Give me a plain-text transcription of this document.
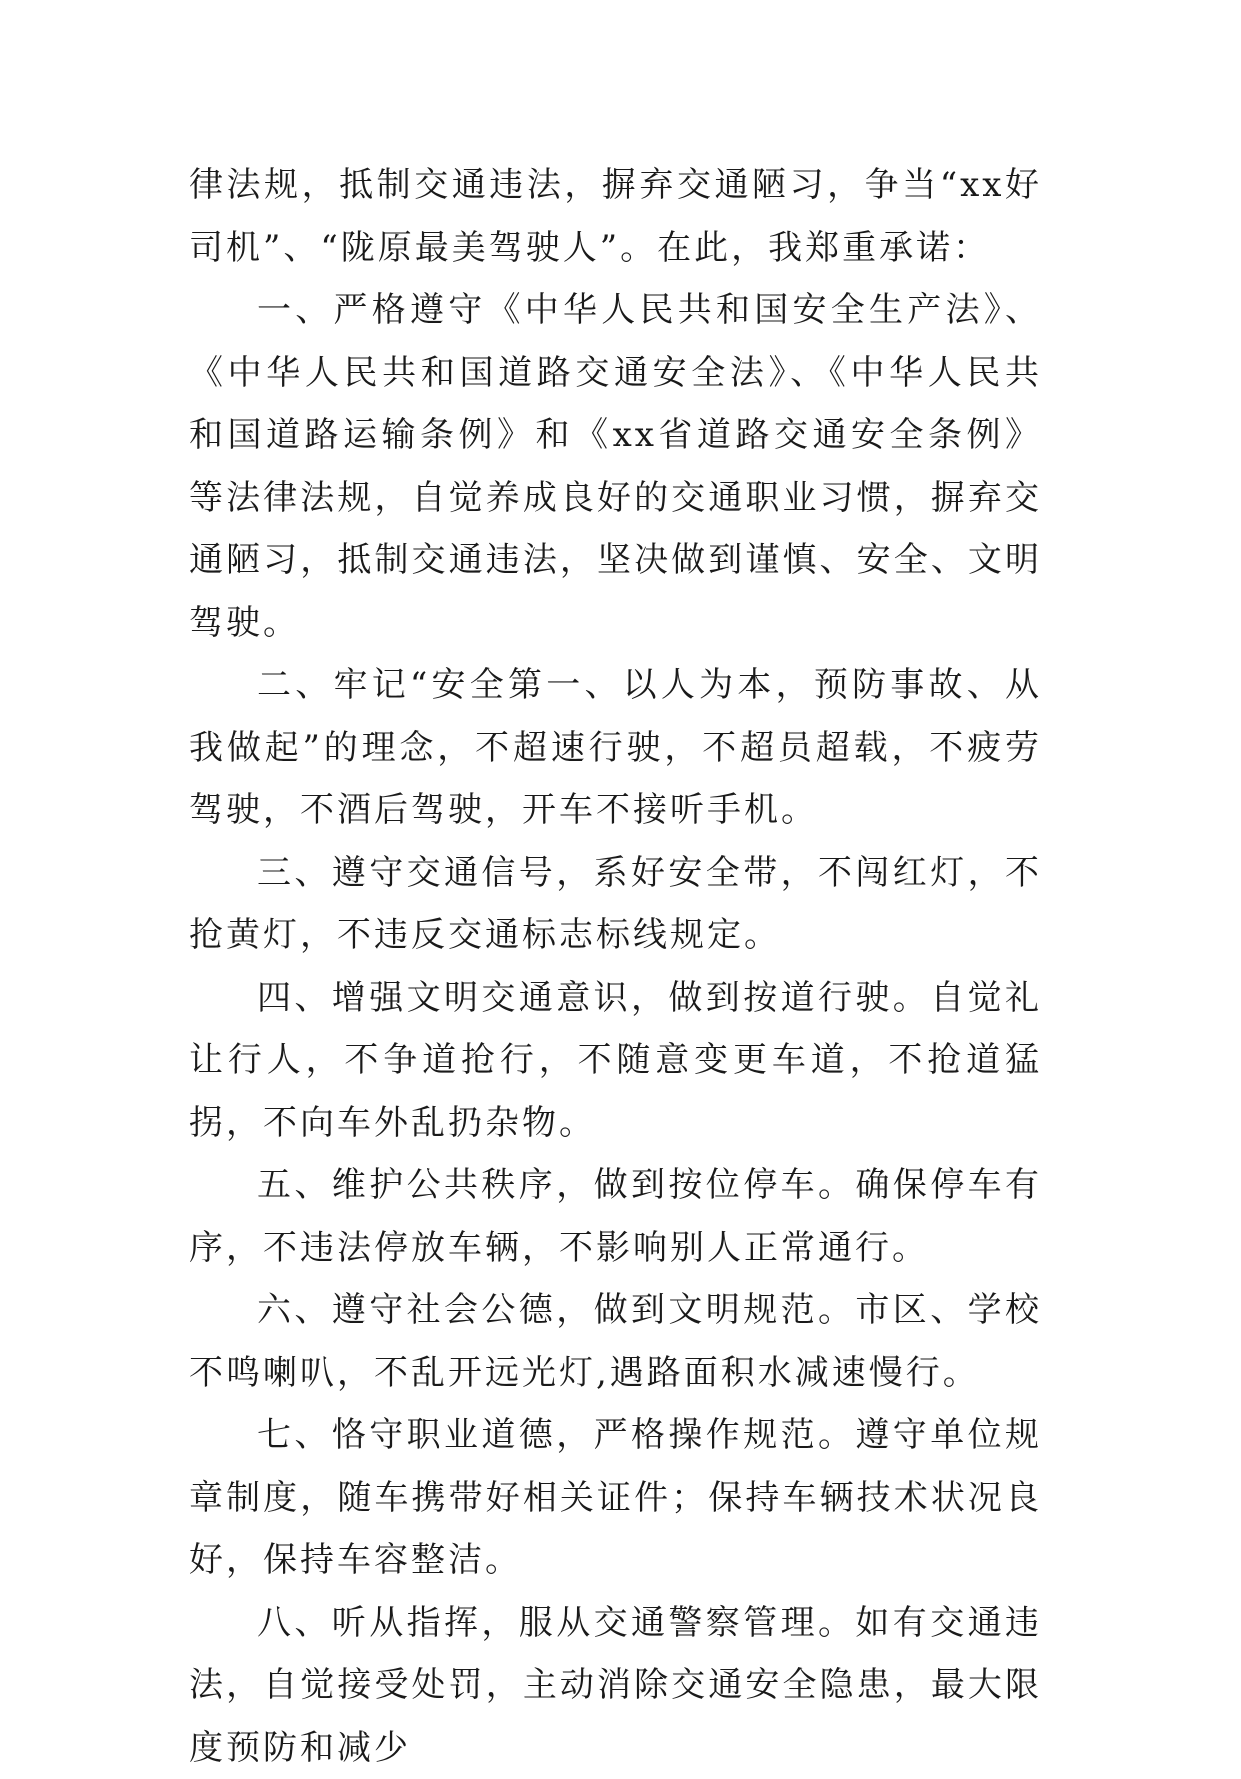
律法规，抵制交通违法，摒弃交通陋习，争当“xx好司机”、“陇原最美驾驶人”。在此，我郑重承诺：

一、严格遵守《中华人民共和国安全生产法》、《中华人民共和国道路交通安全法》、《中华人民共和国道路运输条例》和《xx省道路交通安全条例》等法律法规，自觉养成良好的交通职业习惯，摒弃交通陋习，抵制交通违法，坚决做到谨慎、安全、文明驾驶。

二、牢记“安全第一、以人为本，预防事故、从我做起”的理念，不超速行驶，不超员超载，不疲劳驾驶，不酒后驾驶，开车不接听手机。

三、遵守交通信号，系好安全带，不闯红灯，不抢黄灯，不违反交通标志标线规定。

四、增强文明交通意识，做到按道行驶。自觉礼让行人，不争道抢行，不随意变更车道，不抢道猛拐，不向车外乱扔杂物。

五、维护公共秩序，做到按位停车。确保停车有序，不违法停放车辆，不影响别人正常通行。

六、遵守社会公德，做到文明规范。市区、学校不鸣喇叭，不乱开远光灯,遇路面积水减速慢行。

七、恪守职业道德，严格操作规范。遵守单位规章制度，随车携带好相关证件；保持车辆技术状况良好，保持车容整洁。

八、听从指挥，服从交通警察管理。如有交通违法，自觉接受处罚，主动消除交通安全隐患，最大限度预防和减少
